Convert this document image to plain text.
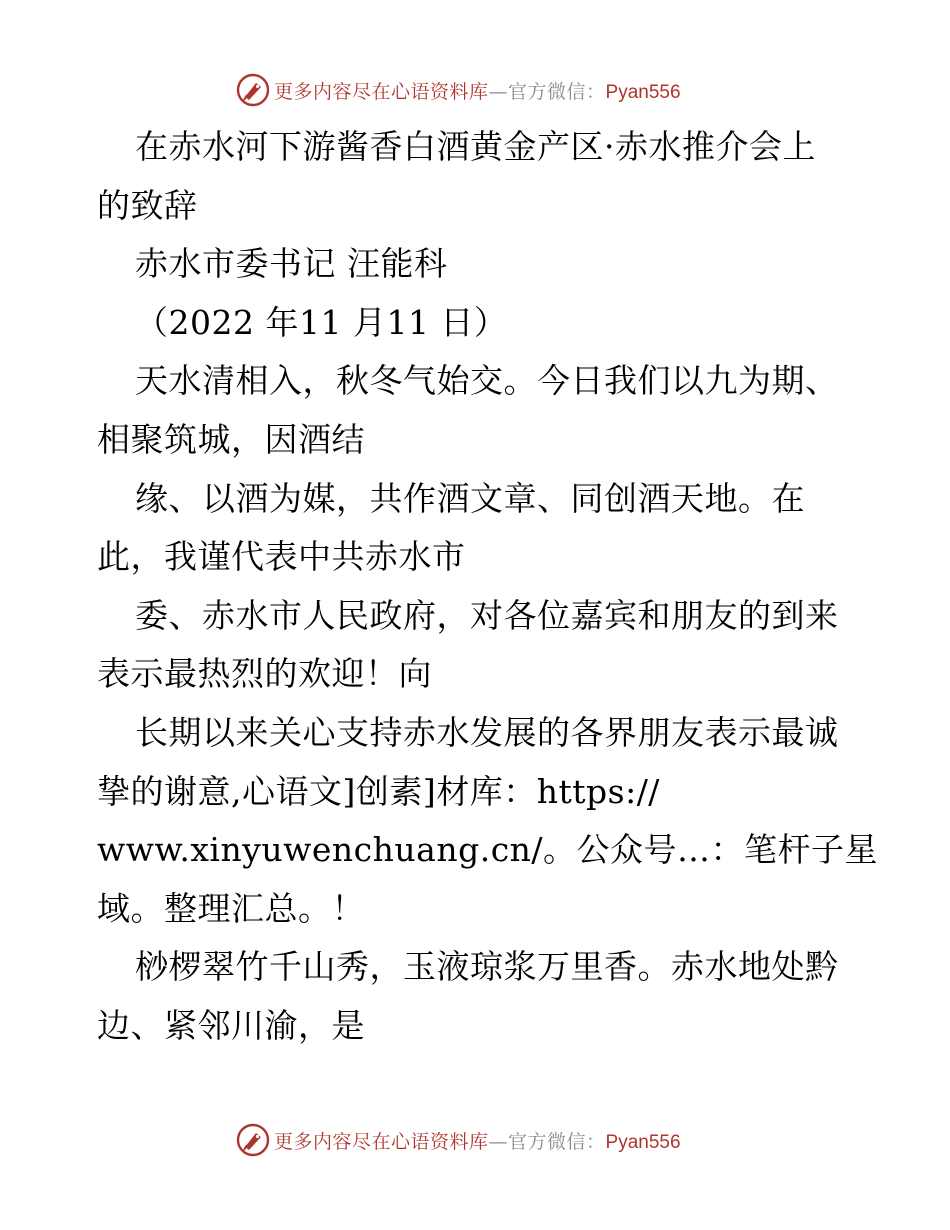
更多内容尽在心语资料库—官方微信：Pyan556
在赤水河下游酱香白酒黄金产区·赤水推介会上
的致辞
赤水市委书记 汪能科
（2022 年11 月11 日）
天水清相入，秋冬气始交。今日我们以九为期、
相聚筑城，因酒结
缘、以酒为媒，共作酒文章、同创酒天地。在
此，我谨代表中共赤水市
委、赤水市人民政府，对各位嘉宾和朋友的到来
表示最热烈的欢迎！向
长期以来关心支持赤水发展的各界朋友表示最诚
挚的谢意,心语文]创素]材库：https://
www.xinyuwenchuang.cn/。公众号…：笔杆子星
域。整理汇总。！
桫椤翠竹千山秀，玉液琼浆万里香。赤水地处黔
边、紧邻川渝，是
更多内容尽在心语资料库—官方微信：Pyan556
